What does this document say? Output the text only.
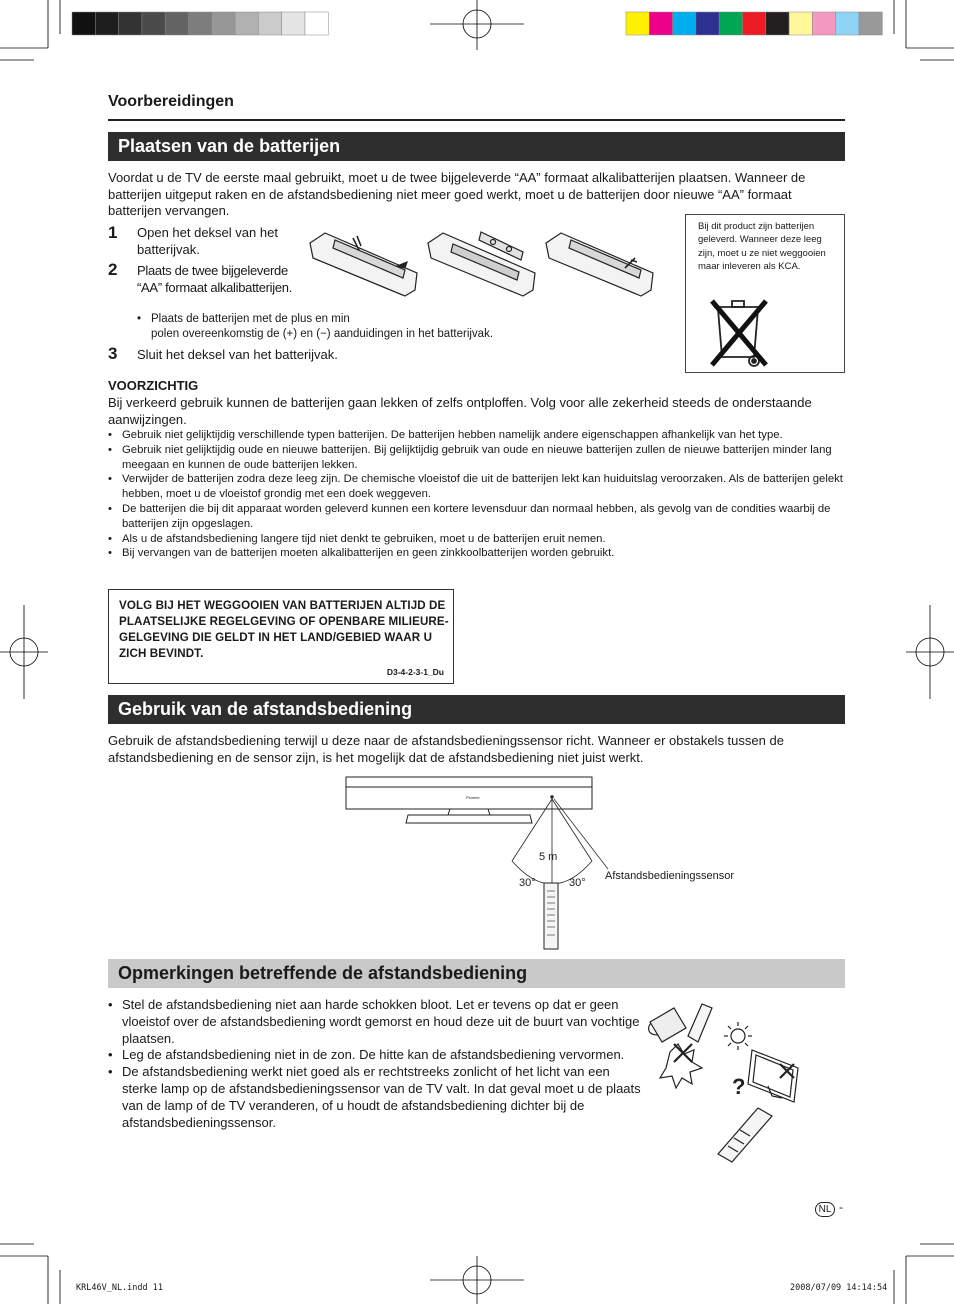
Voorbereidingen
Plaatsen van de batterijen
Voordat u de TV de eerste maal gebruikt, moet u de twee bijgeleverde “AA” formaat alkalibatterijen plaatsen. Wanneer de batterijen uitgeput raken en de afstandsbediening niet meer goed werkt, moet u de batterijen door nieuwe “AA” formaat batterijen vervangen.
1 Open het deksel van het batterijvak.
2 Plaats de twee bijgeleverde “AA” formaat alkalibatterijen.
• Plaats de batterijen met de plus en min
polen overeenkomstig de (+) en (−) aanduidingen in het batterijvak.
3 Sluit het deksel van het batterijvak.
Bij dit product zijn batterijen geleverd. Wanneer deze leeg zijn, moet u ze niet weggooien maar inleveren als KCA.
VOORZICHTIG
Bij verkeerd gebruik kunnen de batterijen gaan lekken of zelfs ontploffen. Volg voor alle zekerheid steeds de onderstaande aanwijzingen.
• Gebruik niet gelijktijdig verschillende typen batterijen. De batterijen hebben namelijk andere eigenschappen afhankelijk van het type.
• Gebruik niet gelijktijdig oude en nieuwe batterijen. Bij gelijktijdig gebruik van oude en nieuwe batterijen zullen de nieuwe batterijen minder lang meegaan en kunnen de oude batterijen lekken.
• Verwijder de batterijen zodra deze leeg zijn. De chemische vloeistof die uit de batterijen lekt kan huiduitslag veroorzaken. Als de batterijen gelekt hebben, moet u de vloeistof grondig met een doek weggeven.
• De batterijen die bij dit apparaat worden geleverd kunnen een kortere levensduur dan normaal hebben, als gevolg van de condities waarbij de batterijen zijn opgeslagen.
• Als u de afstandsbediening langere tijd niet denkt te gebruiken, moet u de batterijen eruit nemen.
• Bij vervangen van de batterijen moeten alkalibatterijen en geen zinkkoolbatterijen worden gebruikt.
VOLG BIJ HET WEGGOOIEN VAN BATTERIJEN ALTIJD DE PLAATSELIJKE REGELGEVING OF OPENBARE MILIEURE-GELGEVING DIE GELDT IN HET LAND/GEBIED WAAR U ZICH BEVINDT.
D3-4-2-3-1_Du
Gebruik van de afstandsbediening
Gebruik de afstandsbediening terwijl u deze naar de afstandsbedieningssensor richt. Wanneer er obstakels tussen de afstandsbediening en de sensor zijn, is het mogelijk dat de afstandsbediening niet juist werkt.
Pioneer
5 m
30°	30°
Afstandsbedieningssensor
Opmerkingen betreffende de afstandsbediening
• Stel de afstandsbediening niet aan harde schokken bloot. Let er tevens op dat er geen vloeistof over de afstandsbediening wordt gemorst en houd deze uit de buurt van vochtige plaatsen.
• Leg de afstandsbediening niet in de zon. De hitte kan de afstandsbediening vervormen.
• De afstandsbediening werkt niet goed als er rechtstreeks zonlicht of het licht van een sterke lamp op de afstandsbedieningssensor van de TV valt. In dat geval moet u de plaats van de lamp of de TV veranderen, of u houdt de afstandsbediening dichter bij de afstandsbedieningssensor.
?
NL -
KRL46V_NL.indd 11	2008/07/09 14:14:54
